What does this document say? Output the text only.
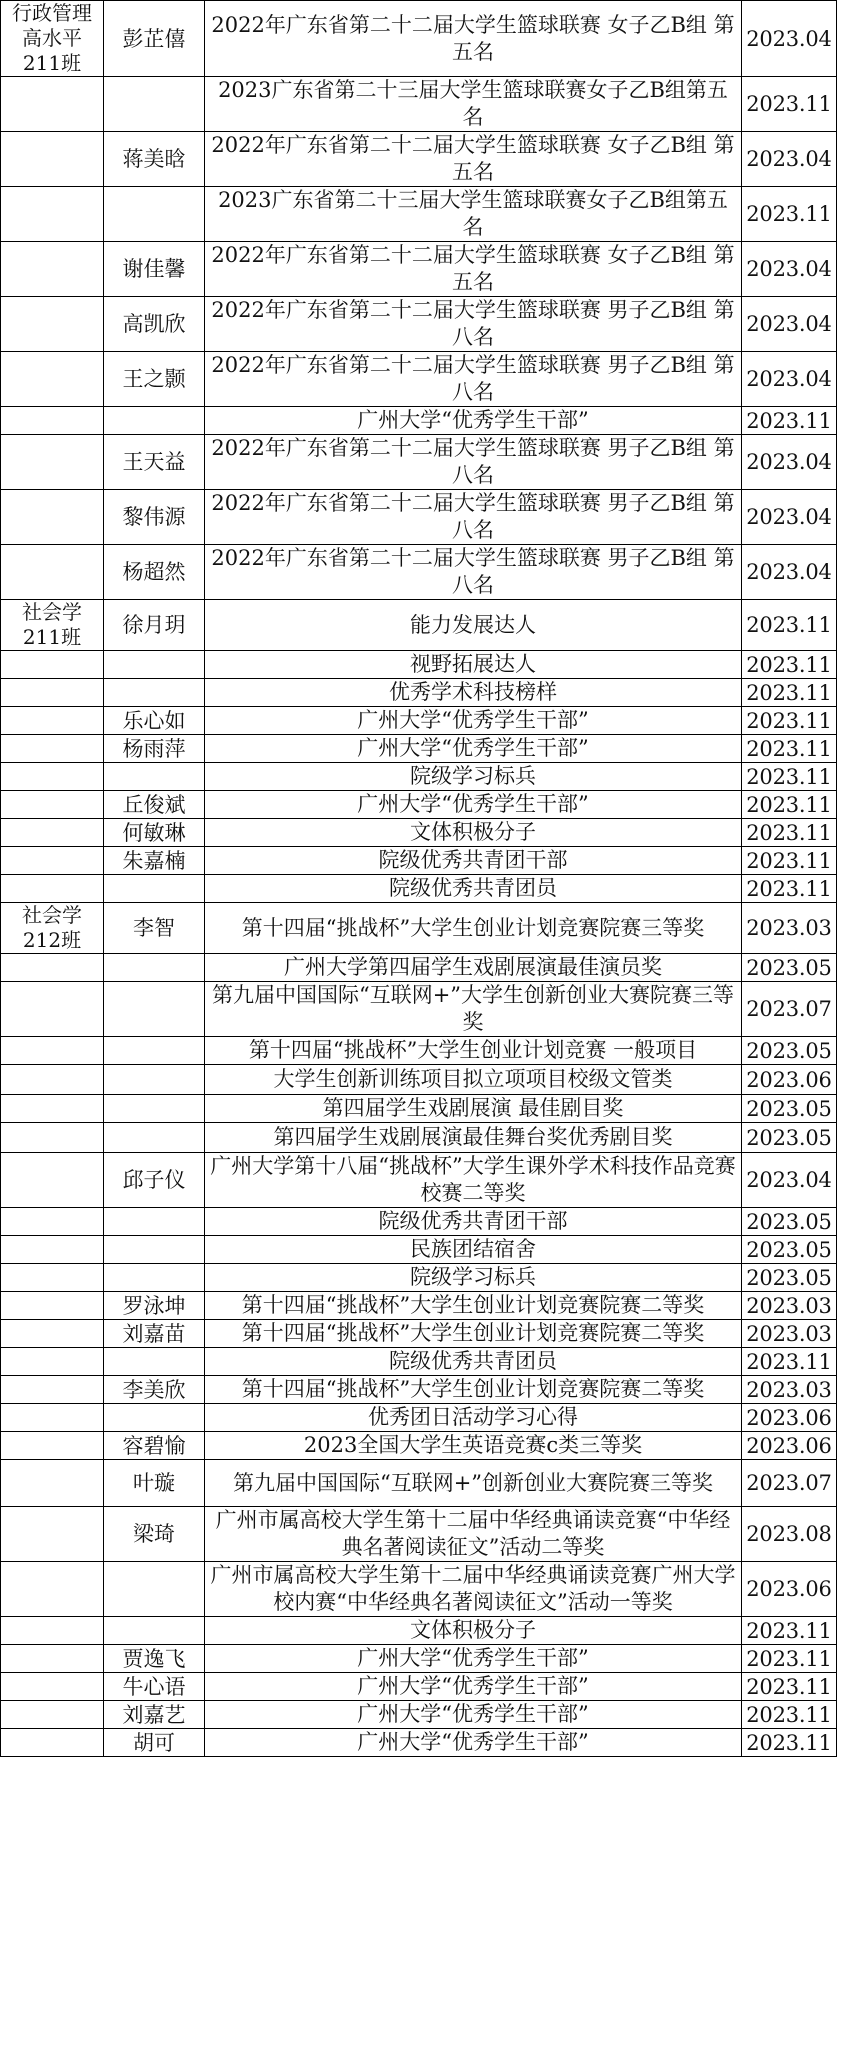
行政管理高水平211班	彭芷僖	2022年广东省第二十二届大学生篮球联赛 女子乙B组 第五名	2023.04
		2023广东省第二十三届大学生篮球联赛女子乙B组第五名	2023.11
	蒋美晗	2022年广东省第二十二届大学生篮球联赛 女子乙B组 第五名	2023.04
		2023广东省第二十三届大学生篮球联赛女子乙B组第五名	2023.11
	谢佳馨	2022年广东省第二十二届大学生篮球联赛 女子乙B组 第五名	2023.04
	高凯欣	2022年广东省第二十二届大学生篮球联赛 男子乙B组 第八名	2023.04
	王之颢	2022年广东省第二十二届大学生篮球联赛 男子乙B组 第八名	2023.04
		广州大学“优秀学生干部”	2023.11
	王天益	2022年广东省第二十二届大学生篮球联赛 男子乙B组 第八名	2023.04
	黎伟源	2022年广东省第二十二届大学生篮球联赛 男子乙B组 第八名	2023.04
	杨超然	2022年广东省第二十二届大学生篮球联赛 男子乙B组 第八名	2023.04
社会学211班	徐月玥	能力发展达人	2023.11
		视野拓展达人	2023.11
		优秀学术科技榜样	2023.11
	乐心如	广州大学“优秀学生干部”	2023.11
	杨雨萍	广州大学“优秀学生干部”	2023.11
		院级学习标兵	2023.11
	丘俊斌	广州大学“优秀学生干部”	2023.11
	何敏琳	文体积极分子	2023.11
	朱嘉楠	院级优秀共青团干部	2023.11
		院级优秀共青团员	2023.11
社会学212班	李智	第十四届“挑战杯”大学生创业计划竞赛院赛三等奖	2023.03
		广州大学第四届学生戏剧展演最佳演员奖	2023.05
		第九届中国国际“互联网+”大学生创新创业大赛院赛三等奖	2023.07
		第十四届“挑战杯”大学生创业计划竞赛 一般项目	2023.05
		大学生创新训练项目拟立项项目校级文管类	2023.06
		第四届学生戏剧展演 最佳剧目奖	2023.05
		第四届学生戏剧展演最佳舞台奖优秀剧目奖	2023.05
	邱子仪	广州大学第十八届“挑战杯”大学生课外学术科技作品竞赛校赛二等奖	2023.04
		院级优秀共青团干部	2023.05
		民族团结宿舍	2023.05
		院级学习标兵	2023.05
	罗泳坤	第十四届“挑战杯”大学生创业计划竞赛院赛二等奖	2023.03
	刘嘉苗	第十四届“挑战杯”大学生创业计划竞赛院赛二等奖	2023.03
		院级优秀共青团员	2023.11
	李美欣	第十四届“挑战杯”大学生创业计划竞赛院赛二等奖	2023.03
		优秀团日活动学习心得	2023.06
	容碧愉	2023全国大学生英语竞赛c类三等奖	2023.06
	叶璇	第九届中国国际“互联网+”创新创业大赛院赛三等奖	2023.07
	梁琦	广州市属高校大学生第十二届中华经典诵读竞赛“中华经典名著阅读征文”活动二等奖	2023.08
		广州市属高校大学生第十二届中华经典诵读竞赛广州大学校内赛“中华经典名著阅读征文”活动一等奖	2023.06
		文体积极分子	2023.11
	贾逸飞	广州大学“优秀学生干部”	2023.11
	牛心语	广州大学“优秀学生干部”	2023.11
	刘嘉艺	广州大学“优秀学生干部”	2023.11
	胡可	广州大学“优秀学生干部”	2023.11
